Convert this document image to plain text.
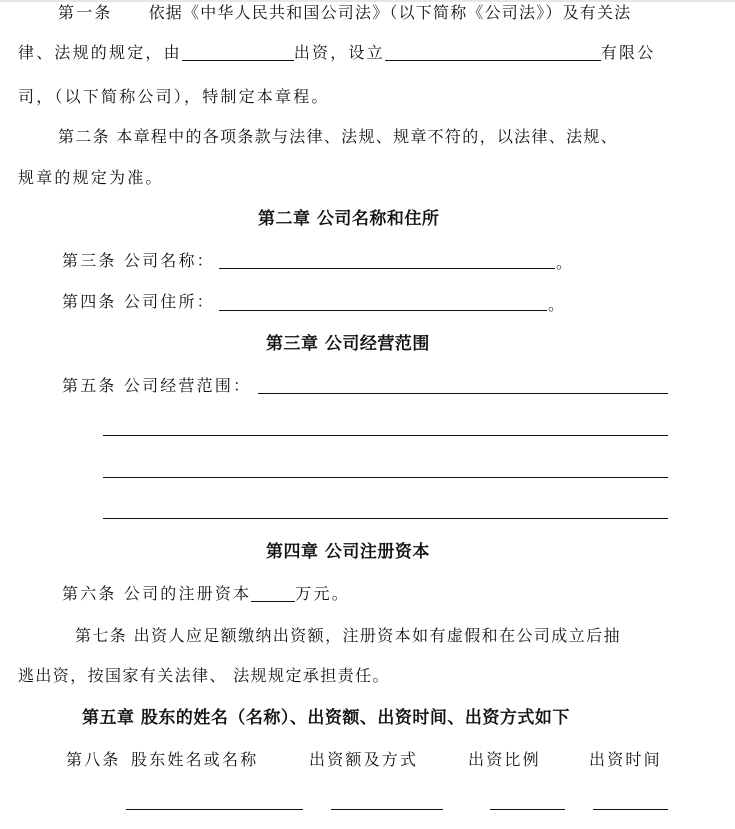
第一条 依据《中华人民共和国公司法》（以下简称《公司法》）及有关法
律、法规的规定，由	出资，设立	有限公
司，（以下简称公司），特制定本章程。
第二条 本章程中的各项条款与法律、法规、规章不符的，以法律、法规、
规章的规定为准。
第二章 公司名称和住所
第三条 公司名称：	。
第四条 公司住所：	。
第三章 公司经营范围
第五条 公司经营范围：
第四章 公司注册资本
第六条 公司的注册资本	万元。
第七条 出资人应足额缴纳出资额，注册资本如有虚假和在公司成立后抽
逃出资，按国家有关法律、 法规规定承担责任。
第五章 股东的姓名（名称）、出资额、出资时间、出资方式如下
第八条 股东姓名或名称	出资额及方式	出资比例	出资时间
